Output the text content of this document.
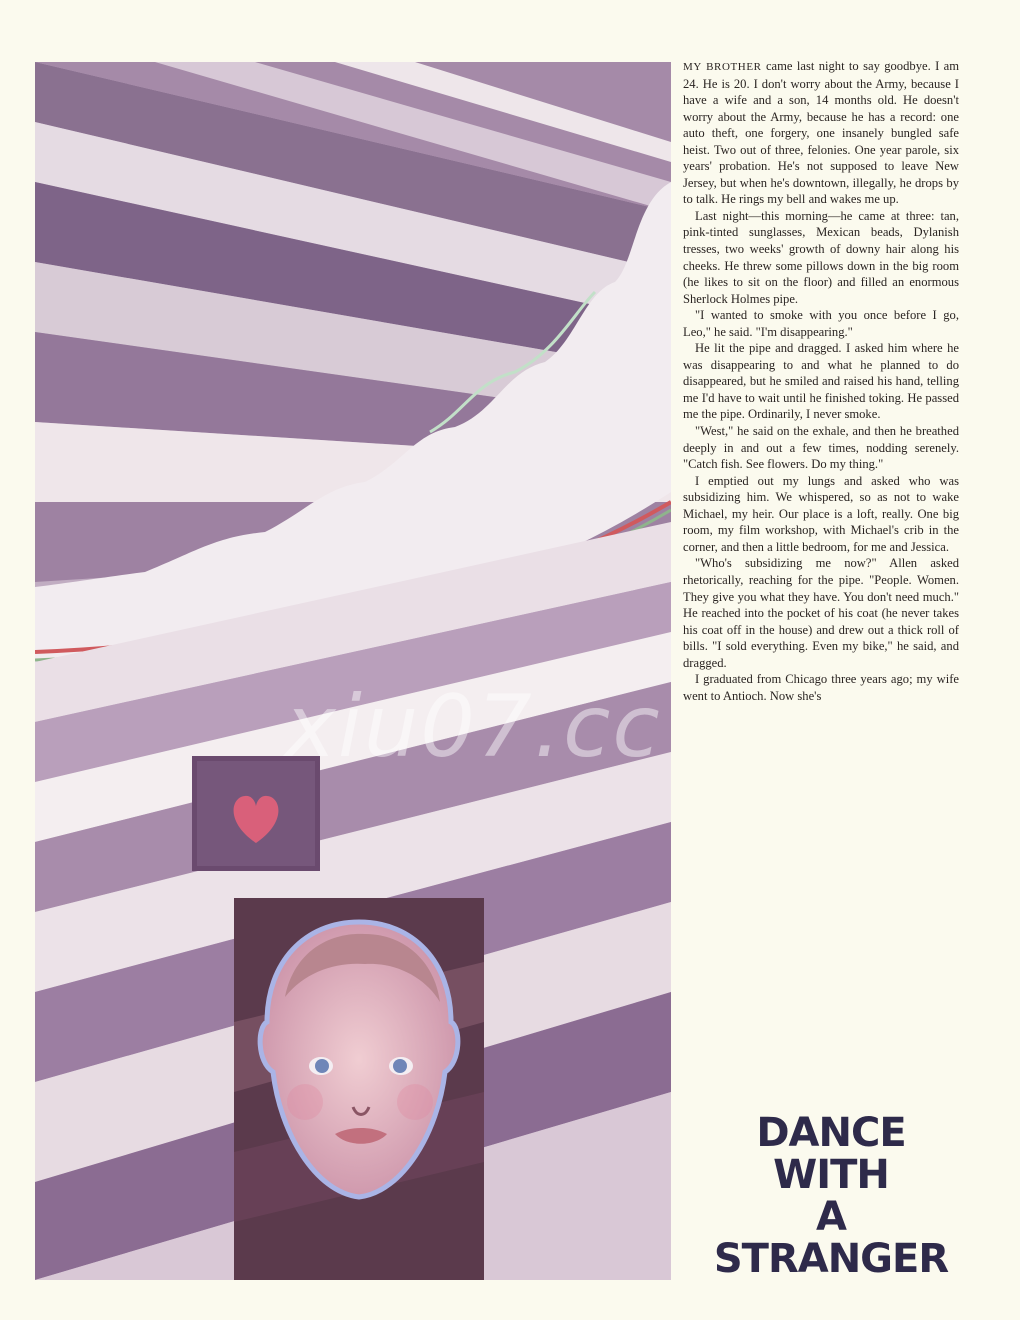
xiu07.cc

MY BROTHER came last night to say goodbye. I am 24. He is 20. I don't worry about the Army, because I have a wife and a son, 14 months old. He doesn't worry about the Army, because he has a record: one auto theft, one forgery, one insanely bungled safe heist. Two out of three, felonies. One year parole, six years' probation. He's not supposed to leave New Jersey, but when he's downtown, illegally, he drops by to talk. He rings my bell and wakes me up.

Last night—this morning—he came at three: tan, pink-tinted sunglasses, Mexican beads, Dylanish tresses, two weeks' growth of downy hair along his cheeks. He threw some pillows down in the big room (he likes to sit on the floor) and filled an enormous Sherlock Holmes pipe.

"I wanted to smoke with you once before I go, Leo," he said. "I'm disappearing."

He lit the pipe and dragged. I asked him where he was disappearing to and what he planned to do disappeared, but he smiled and raised his hand, telling me I'd have to wait until he finished toking. He passed me the pipe. Ordinarily, I never smoke.

"West," he said on the exhale, and then he breathed deeply in and out a few times, nodding serenely. "Catch fish. See flowers. Do my thing."

I emptied out my lungs and asked who was subsidizing him. We whispered, so as not to wake Michael, my heir. Our place is a loft, really. One big room, my film workshop, with Michael's crib in the corner, and then a little bedroom, for me and Jessica.

"Who's subsidizing me now?" Allen asked rhetorically, reaching for the pipe. "People. Women. They give you what they have. You don't need much." He reached into the pocket of his coat (he never takes his coat off in the house) and drew out a thick roll of bills. "I sold everything. Even my bike," he said, and dragged.

I graduated from Chicago three years ago; my wife went to Antioch. Now she's

DANCE
WITH
A
STRANGER
